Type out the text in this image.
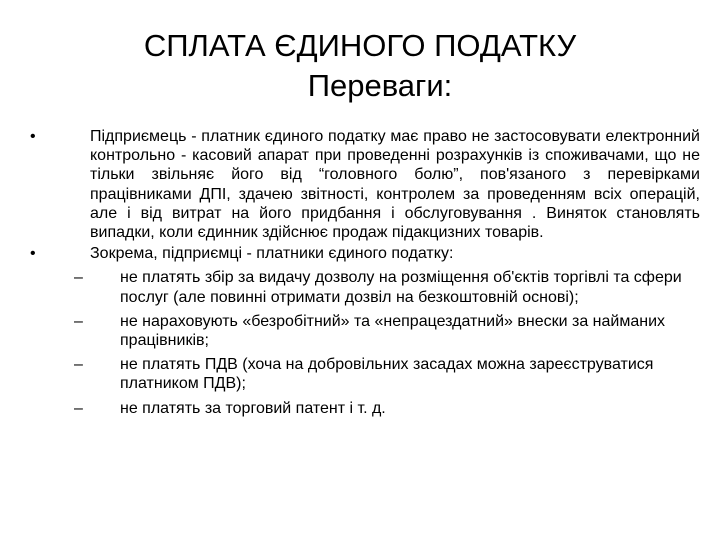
СПЛАТА ЄДИНОГО ПОДАТКУ
Переваги:
•	Підприємець - платник єдиного податку має право не застосовувати електронний контрольно - касовий апарат при проведенні розрахунків із споживачами, що не тільки звільняє його від “головного болю”, пов'язаного з перевірками працівниками ДПІ, здачею звітності, контролем за проведенням всіх операцій, але і від витрат на його придбання і обслуговування . Виняток становлять випадки, коли єдинник здійснює продаж підакцизних товарів.
•	Зокрема, підприємці - платники єдиного податку:
– не платять збір за видачу дозволу на розміщення об'єктів торгівлі та сфери послуг (але повинні отримати дозвіл на безкоштовній основі);
– не нараховують «безробітний» та «непрацездатний» внески за найманих працівників;
– не платять ПДВ (хоча на добровільних засадах можна зареєструватися платником ПДВ);
– не платять за торговий патент і т. д.
